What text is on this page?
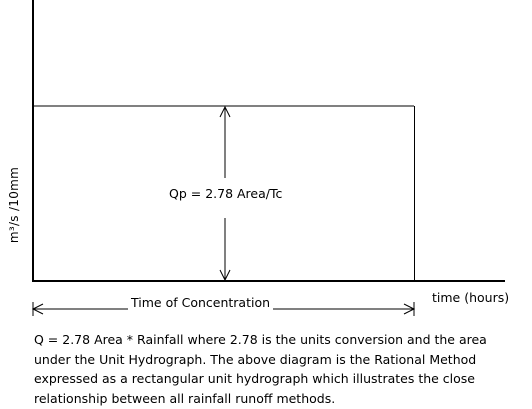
m³/s /10mm	Qp = 2.78 Area/Tc
Time of Concentration	time (hours)

Q = 2.78 Area * Rainfall where 2.78 is the units conversion and the area

under the Unit Hydrograph. The above diagram is the Rational Method

expressed as a rectangular unit hydrograph which illustrates the close

relationship between all rainfall runoff methods.
